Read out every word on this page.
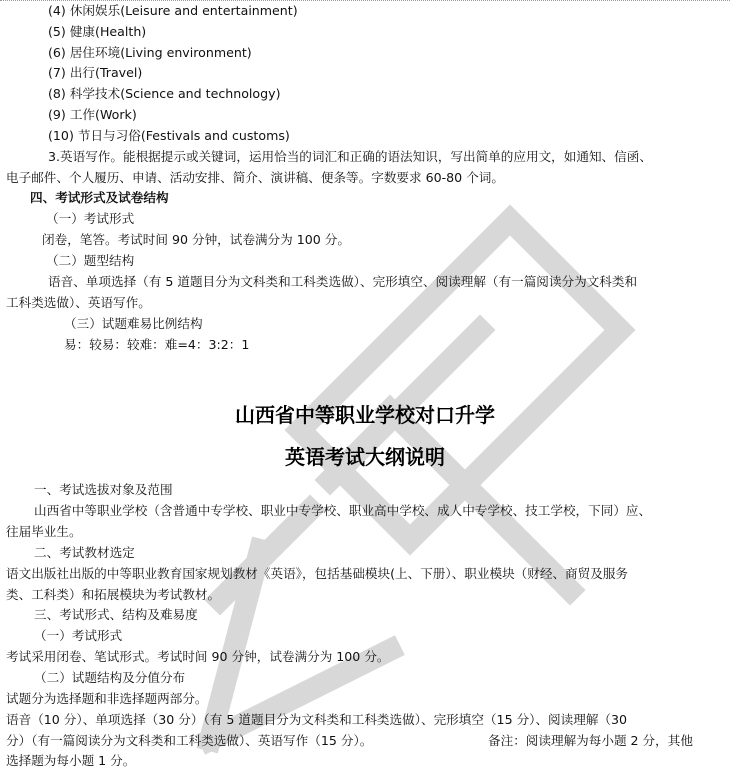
(4) 休闲娱乐(Leisure and entertainment)
(5) 健康(Health)
(6) 居住环境(Living environment)
(7) 出行(Travel)
(8) 科学技术(Science and technology)
(9) 工作(Work)
(10) 节日与习俗(Festivals and customs)
3.英语写作。能根据提示或关键词，运用恰当的词汇和正确的语法知识，写出简单的应用文，如通知、信函、
电子邮件、个人履历、申请、活动安排、简介、演讲稿、便条等。字数要求 60-80 个词。
四、考试形式及试卷结构
（一）考试形式
闭卷，笔答。考试时间 90 分钟，试卷满分为 100 分。
（二）题型结构
语音、单项选择（有 5 道题目分为文科类和工科类选做）、完形填空、阅读理解（有一篇阅读分为文科类和
工科类选做）、英语写作。
（三）试题难易比例结构
易：较易：较难：难=4：3:2：1
山西省中等职业学校对口升学
英语考试大纲说明
一、考试选拔对象及范围
山西省中等职业学校（含普通中专学校、职业中专学校、职业高中学校、成人中专学校、技工学校，下同）应、
往届毕业生。
二、考试教材选定
语文出版社出版的中等职业教育国家规划教材《英语》，包括基础模块(上、下册）、职业模块（财经、商贸及服务
类、工科类）和拓展模块为考试教材。
三、考试形式、结构及难易度
（一）考试形式
考试采用闭卷、笔试形式。考试时间 90 分钟，试卷满分为 100 分。
（二）试题结构及分值分布
试题分为选择题和非选择题两部分。
语音（10 分）、单项选择（30 分）（有 5 道题目分为文科类和工科类选做）、完形填空（15 分）、阅读理解（30
分）（有一篇阅读分为文科类和工科类选做）、英语写作（15 分）。	备注：阅读理解为每小题 2 分，其他
选择题为每小题 1 分。
